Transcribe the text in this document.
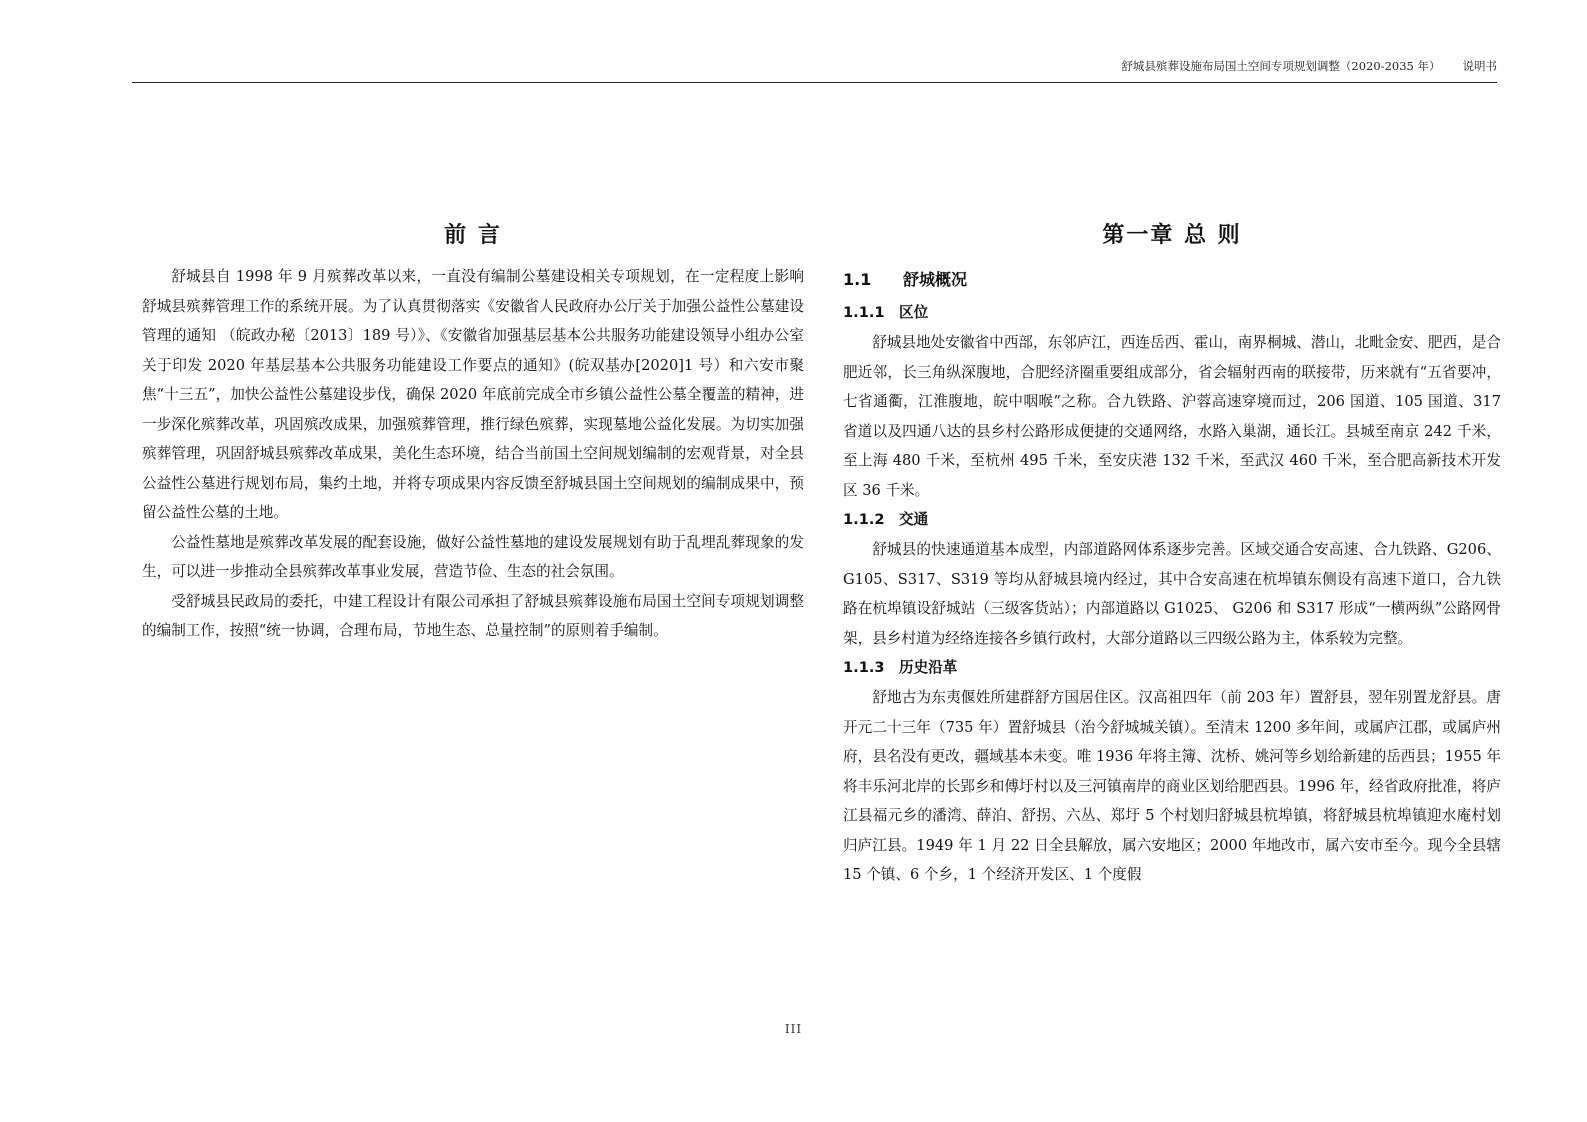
舒城县殡葬设施布局国土空间专项规划调整（2020-2035 年） 说明书
前 言

舒城县自 1998 年 9 月殡葬改革以来，一直没有编制公墓建设相关专项规划，在一定程度上影响舒城县殡葬管理工作的系统开展。为了认真贯彻落实《安徽省人民政府办公厅关于加强公益性公墓建设管理的通知 （皖政办秘〔2013〕189 号）》、《安徽省加强基层基本公共服务功能建设领导小组办公室关于印发 2020 年基层基本公共服务功能建设工作要点的通知》(皖双基办[2020]1 号）和六安市聚焦“十三五”，加快公益性公墓建设步伐，确保 2020 年底前完成全市乡镇公益性公墓全覆盖的精神，进一步深化殡葬改革，巩固殡改成果，加强殡葬管理，推行绿色殡葬，实现墓地公益化发展。为切实加强殡葬管理，巩固舒城县殡葬改革成果，美化生态环境，结合当前国土空间规划编制的宏观背景，对全县公益性公墓进行规划布局，集约土地，并将专项成果内容反馈至舒城县国土空间规划的编制成果中，预留公益性公墓的土地。

公益性墓地是殡葬改革发展的配套设施，做好公益性墓地的建设发展规划有助于乱埋乱葬现象的发生，可以进一步推动全县殡葬改革事业发展，营造节俭、生态的社会氛围。

受舒城县民政局的委托，中建工程设计有限公司承担了舒城县殡葬设施布局国土空间专项规划调整的编制工作，按照“统一协调，合理布局，节地生态、总量控制”的原则着手编制。

第一章 总 则
1.1 舒城概况
1.1.1 区位

舒城县地处安徽省中西部，东邻庐江，西连岳西、霍山，南界桐城、潜山，北毗金安、肥西，是合肥近邻，长三角纵深腹地，合肥经济圈重要组成部分，省会辐射西南的联接带，历来就有“五省要冲，七省通衢，江淮腹地，皖中咽喉”之称。合九铁路、沪蓉高速穿境而过，206 国道、105 国道、317 省道以及四通八达的县乡村公路形成便捷的交通网络，水路入巢湖，通长江。县城至南京 242 千米，至上海 480 千米，至杭州 495 千米，至安庆港 132 千米，至武汉 460 千米，至合肥高新技术开发区 36 千米。

1.1.2 交通

舒城县的快速通道基本成型，内部道路网体系逐步完善。区域交通合安高速、合九铁路、G206、G105、S317、S319 等均从舒城县境内经过，其中合安高速在杭埠镇东侧设有高速下道口，合九铁路在杭埠镇设舒城站（三级客货站）；内部道路以 G1025、 G206 和 S317 形成“一横两纵”公路网骨架，县乡村道为经络连接各乡镇行政村，大部分道路以三四级公路为主，体系较为完整。

1.1.3 历史沿革

舒地古为东夷偃姓所建群舒方国居住区。汉高祖四年（前 203 年）置舒县，翌年别置龙舒县。唐开元二十三年（735 年）置舒城县（治今舒城城关镇）。至清末 1200 多年间，或属庐江郡，或属庐州府，县名没有更改，疆域基本未变。唯 1936 年将主簿、沈桥、姚河等乡划给新建的岳西县；1955 年将丰乐河北岸的长郢乡和傅圩村以及三河镇南岸的商业区划给肥西县。1996 年，经省政府批准，将庐江县福元乡的潘湾、薛泊、舒拐、六丛、郑圩 5 个村划归舒城县杭埠镇，将舒城县杭埠镇迎水庵村划归庐江县。1949 年 1 月 22 日全县解放，属六安地区；2000 年地改市，属六安市至今。现今全县辖 15 个镇、6 个乡，1 个经济开发区、1 个度假

III
